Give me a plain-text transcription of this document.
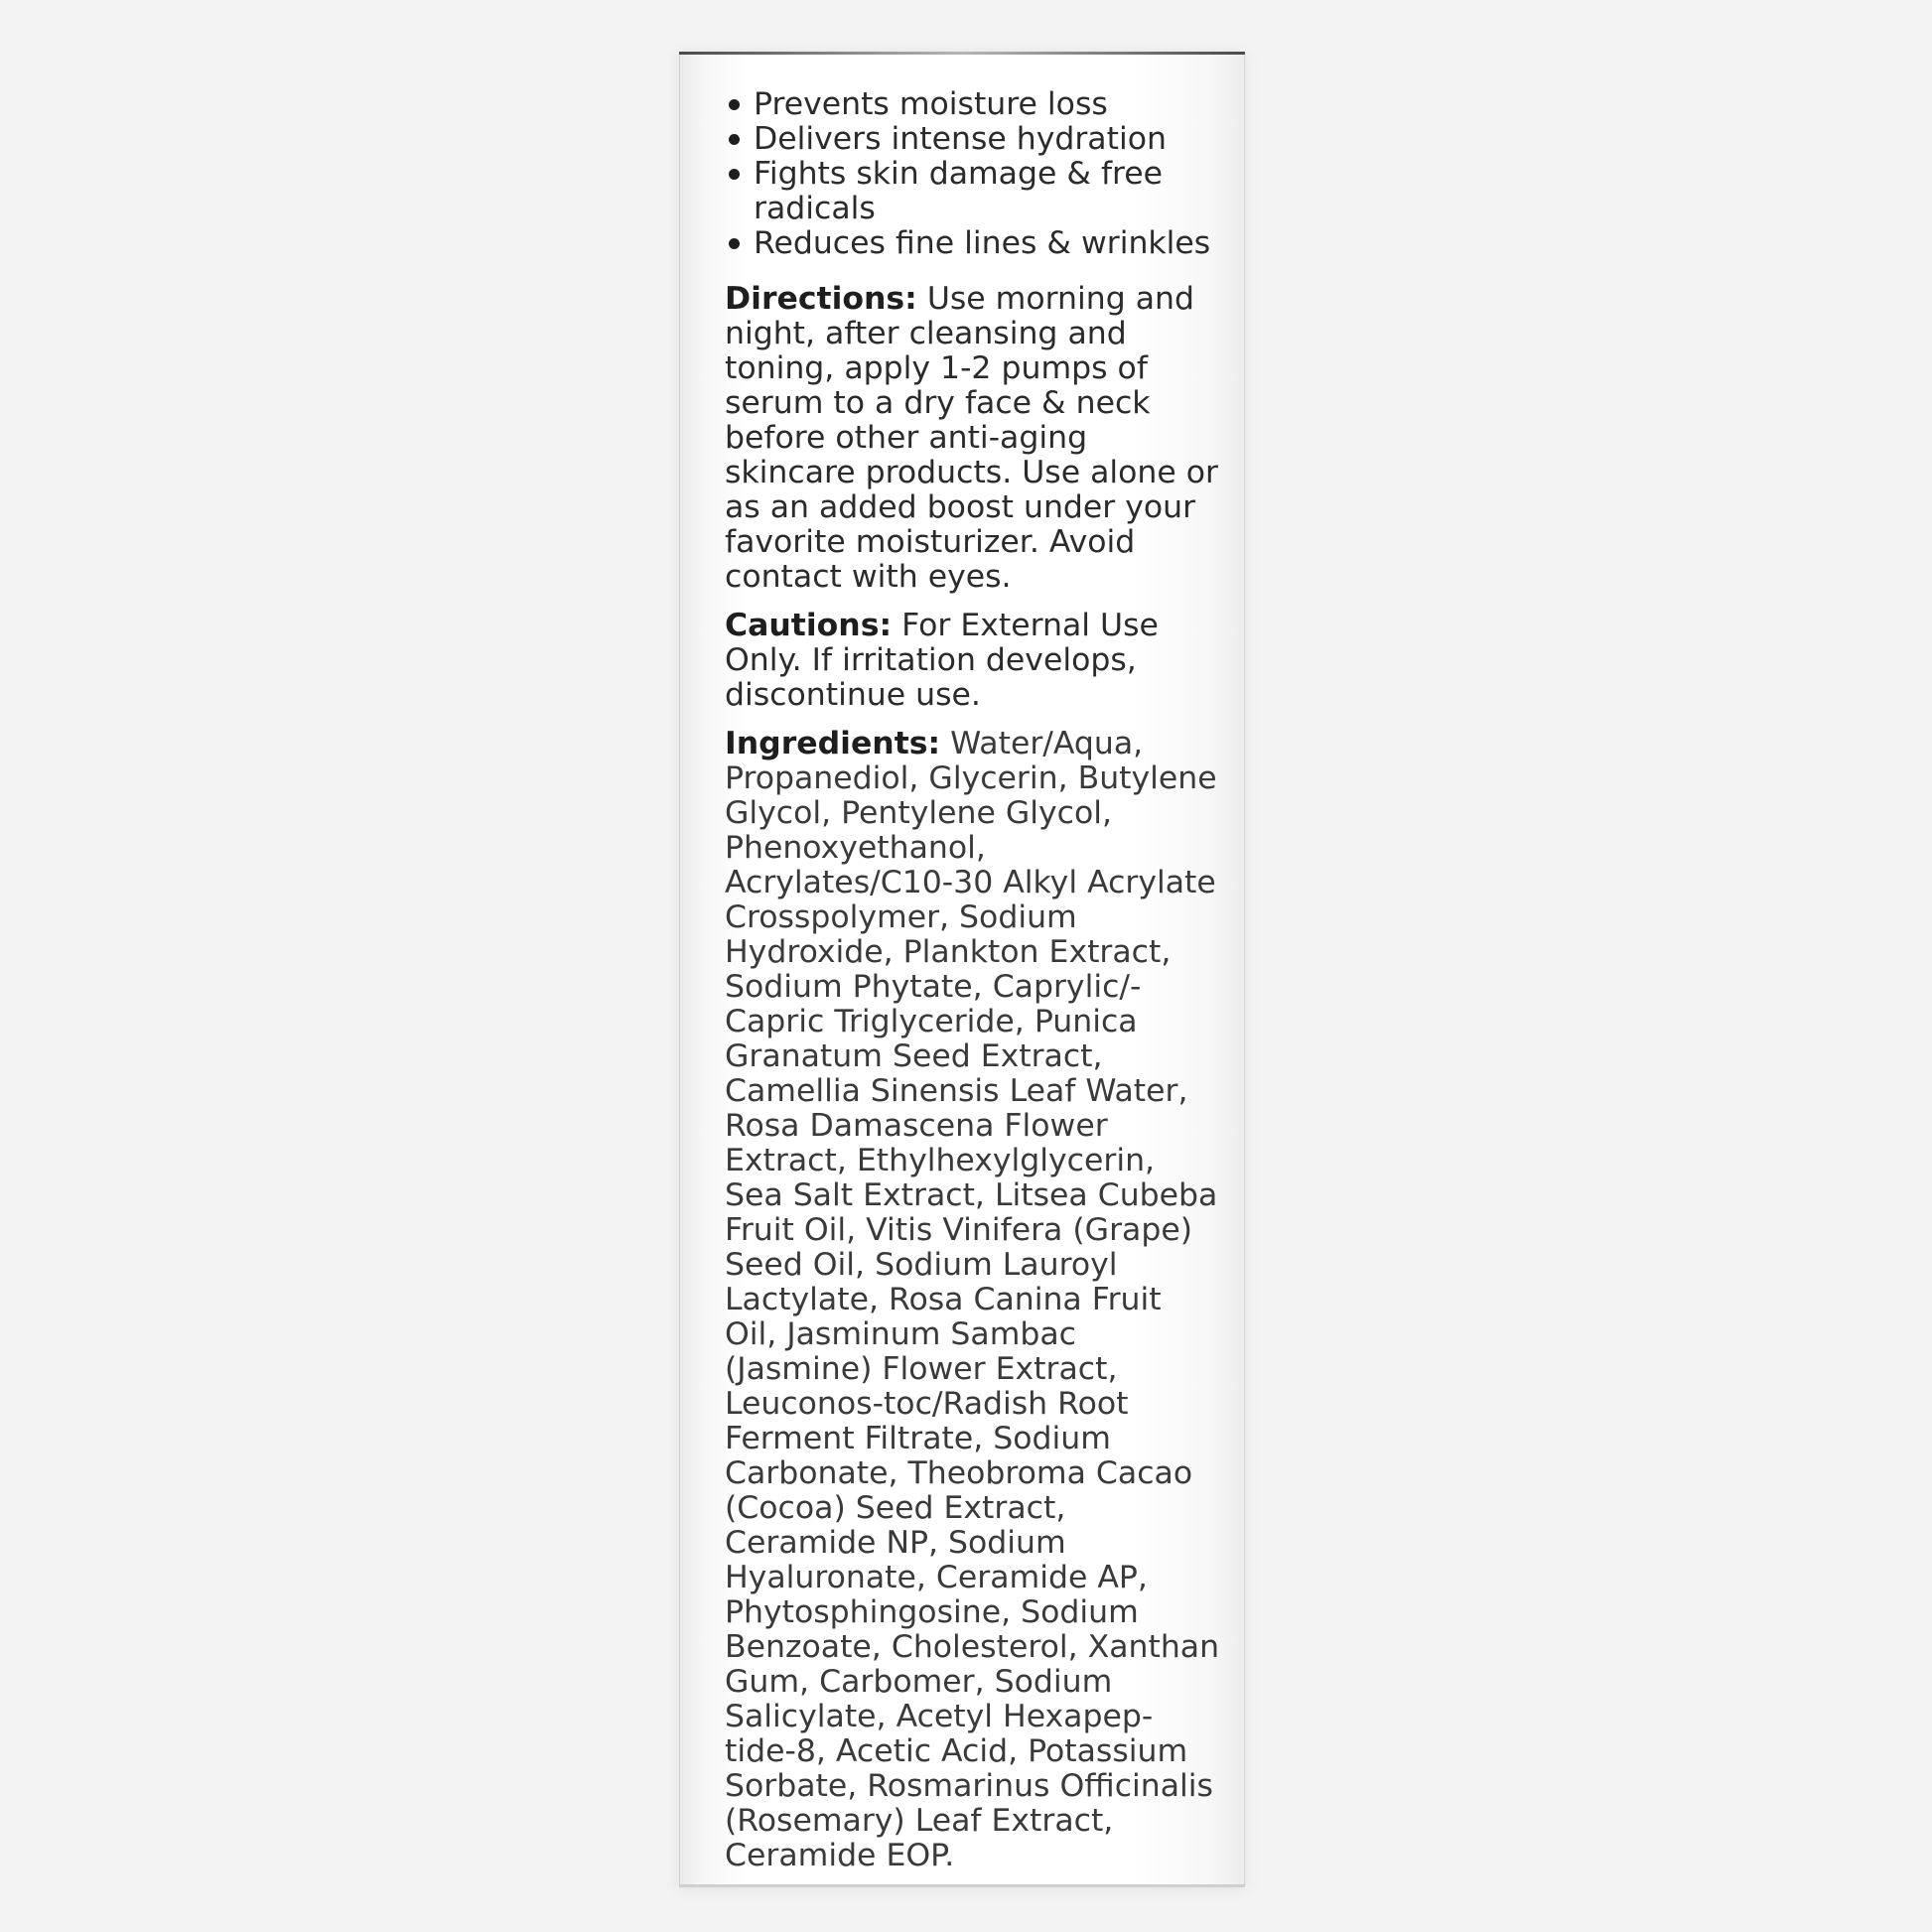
Prevents moisture loss
Delivers intense hydration
Fights skin damage & free radicals
Reduces fine lines & wrinkles

Directions: Use morning and night, after cleansing and toning, apply 1-2 pumps of serum to a dry face & neck before other anti-aging skincare products. Use alone or as an added boost under your favorite moisturizer. Avoid contact with eyes.

Cautions: For External Use Only. If irritation develops, discontinue use.

Ingredients: Water/Aqua, Propanediol, Glycerin, Butylene Glycol, Pentylene Glycol, Phenoxyethanol, Acrylates/C10-30 Alkyl Acrylate Crosspolymer, Sodium Hydroxide, Plankton Extract, Sodium Phytate, Caprylic/-Capric Triglyceride, Punica Granatum Seed Extract, Camellia Sinensis Leaf Water, Rosa Damascena Flower Extract, Ethylhexylglycerin, Sea Salt Extract, Litsea Cubeba Fruit Oil, Vitis Vinifera (Grape) Seed Oil, Sodium Lauroyl Lactylate, Rosa Canina Fruit Oil, Jasminum Sambac (Jasmine) Flower Extract, Leuconos-toc/Radish Root Ferment Filtrate, Sodium Carbonate, Theobroma Cacao (Cocoa) Seed Extract, Ceramide NP, Sodium Hyaluronate, Ceramide AP, Phytosphingosine, Sodium Benzoate, Cholesterol, Xanthan Gum, Carbomer, Sodium Salicylate, Acetyl Hexapep-tide-8, Acetic Acid, Potassium Sorbate, Rosmarinus Officinalis (Rosemary) Leaf Extract, Ceramide EOP.
